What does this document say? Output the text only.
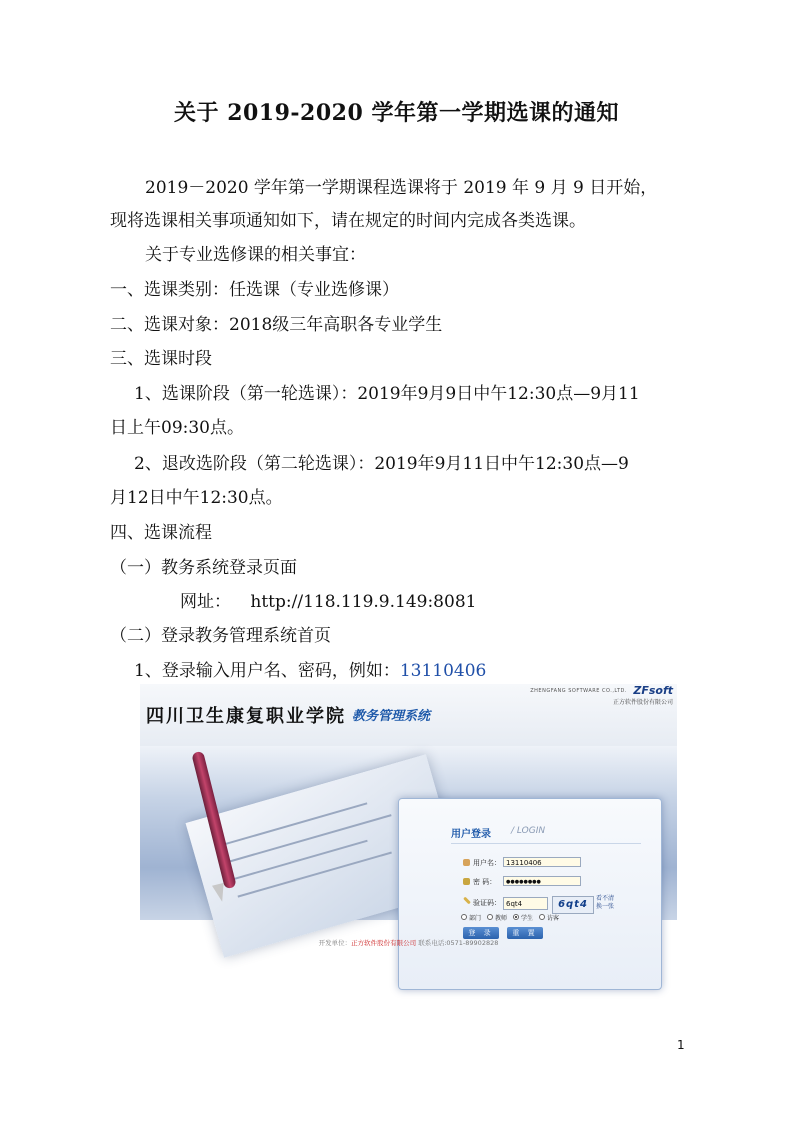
关于 2019-2020 学年第一学期选课的通知
2019－2020 学年第一学期课程选课将于 2019 年 9 月 9 日开始，
现将选课相关事项通知如下，请在规定的时间内完成各类选课。
关于专业选修课的相关事宜：
一、选课类别：任选课（专业选修课）
二、选课对象：2018级三年高职各专业学生
三、选课时段
1、选课阶段（第一轮选课）：2019年9月9日中午12:30点—9月11
日上午09:30点。
2、退改选阶段（第二轮选课）：2019年9月11日中午12:30点—9
月12日中午12:30点。
四、选课流程
（一）教务系统登录页面
网址： http://118.119.9.149:8081
（二）登录教务管理系统首页
1、登录输入用户名、密码，例如：13110406
四川卫生康复职业学院 教务管理系统
ZHENGFANG SOFTWARE CO.,LTD. ZFsoft
正方软件股份有限公司
用户登录 / LOGIN
用户名： 13110406
密 码：	●●●●●●●●
验证码： 6qt4	6qt4
看不清 换一张
部门 教师 学生 访客
登 录	重 置
开发单位：正方软件股份有限公司 联系电话:0571-89902828
1
